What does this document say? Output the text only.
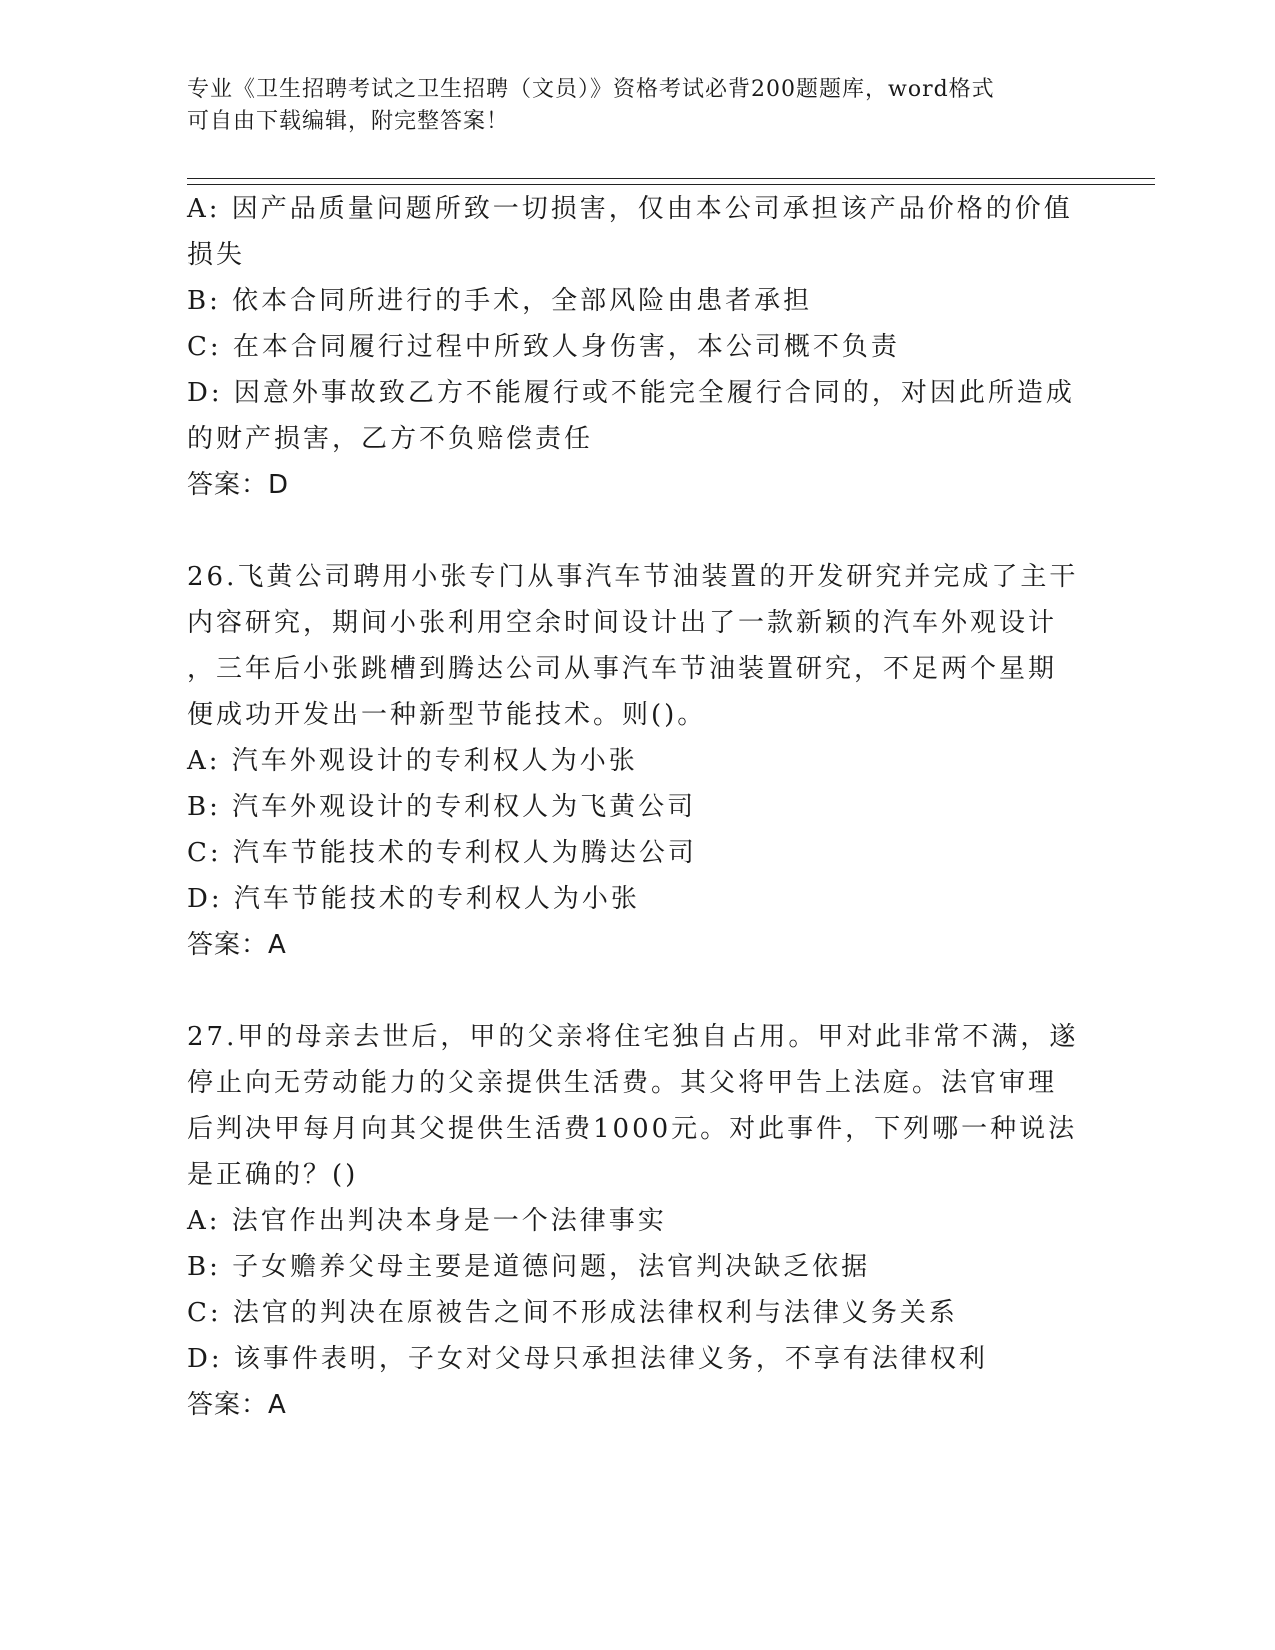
专业《卫生招聘考试之卫生招聘（文员）》资格考试必背200题题库，word格式
可自由下载编辑，附完整答案！
A: 因产品质量问题所致一切损害，仅由本公司承担该产品价格的价值
损失
B: 依本合同所进行的手术，全部风险由患者承担
C: 在本合同履行过程中所致人身伤害，本公司概不负责
D: 因意外事故致乙方不能履行或不能完全履行合同的，对因此所造成
的财产损害，乙方不负赔偿责任
答案：D
26.飞黄公司聘用小张专门从事汽车节油装置的开发研究并完成了主干
内容研究，期间小张利用空余时间设计出了一款新颖的汽车外观设计
，三年后小张跳槽到腾达公司从事汽车节油装置研究，不足两个星期
便成功开发出一种新型节能技术。则()。
A: 汽车外观设计的专利权人为小张
B: 汽车外观设计的专利权人为飞黄公司
C: 汽车节能技术的专利权人为腾达公司
D: 汽车节能技术的专利权人为小张
答案：A
27.甲的母亲去世后，甲的父亲将住宅独自占用。甲对此非常不满，遂
停止向无劳动能力的父亲提供生活费。其父将甲告上法庭。法官审理
后判决甲每月向其父提供生活费1000元。对此事件，下列哪一种说法
是正确的？()
A: 法官作出判决本身是一个法律事实
B: 子女赡养父母主要是道德问题，法官判决缺乏依据
C: 法官的判决在原被告之间不形成法律权利与法律义务关系
D: 该事件表明，子女对父母只承担法律义务，不享有法律权利
答案：A
